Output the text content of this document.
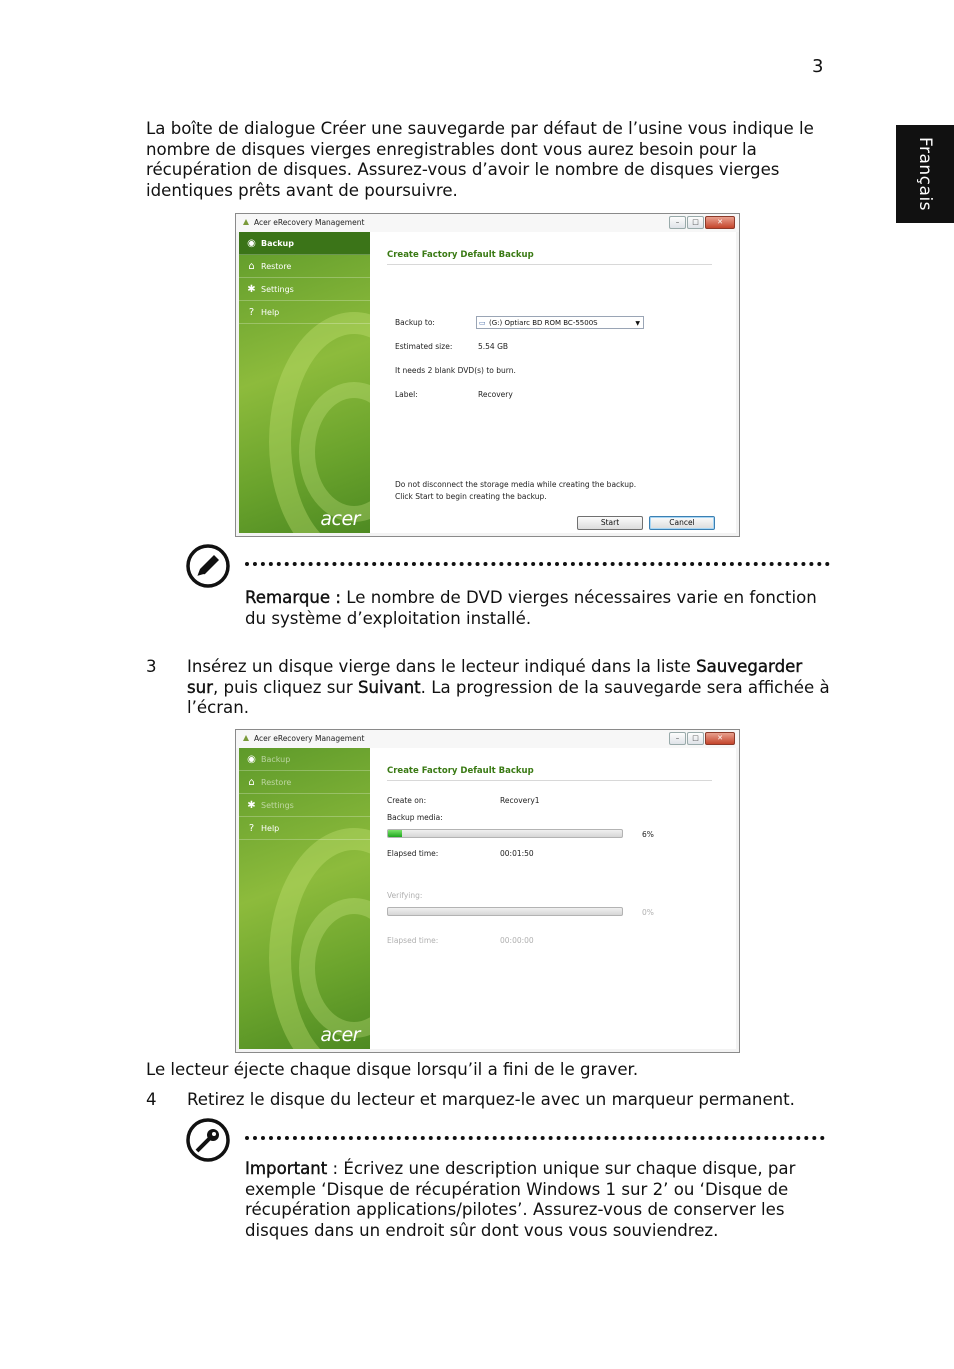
3
Français

La boîte de dialogue Créer une sauvegarde par défaut de l’usine vous indique le nombre de disques vierges enregistrables dont vous aurez besoin pour la récupération de disques. Assurez-vous d’avoir le nombre de disques vierges identiques prêts avant de poursuivre.

Acer eRecovery Management	–	□	✕
◉ Backup
⌂ Restore
✱ Settings
? Help
acer
Create Factory Default Backup
Backup to:	▭ (G:) Optiarc BD ROM BC-5500S	▼
Estimated size:	5.54 GB
It needs 2 blank DVD(s) to burn.
Label:	Recovery
Do not disconnect the storage media while creating the backup.
Click Start to begin creating the backup.
Start	Cancel

Remarque : Le nombre de DVD vierges nécessaires varie en fonction du système d’exploitation installé.

3 Insérez un disque vierge dans le lecteur indiqué dans la liste Sauvegarder sur, puis cliquez sur Suivant. La progression de la sauvegarde sera affichée à l’écran.

Acer eRecovery Management	–	□	✕
◉ Backup
⌂ Restore
✱ Settings
? Help
acer
Create Factory Default Backup
Create on:	Recovery1
Backup media:
6%
Elapsed time:	00:01:50
Verifying:
0%
Elapsed time:	00:00:00

Le lecteur éjecte chaque disque lorsqu’il a fini de le graver.

4 Retirez le disque du lecteur et marquez-le avec un marqueur permanent.

Important : Écrivez une description unique sur chaque disque, par exemple ‘Disque de récupération Windows 1 sur 2’ ou ‘Disque de récupération applications/pilotes’. Assurez-vous de conserver les disques dans un endroit sûr dont vous vous souviendrez.
